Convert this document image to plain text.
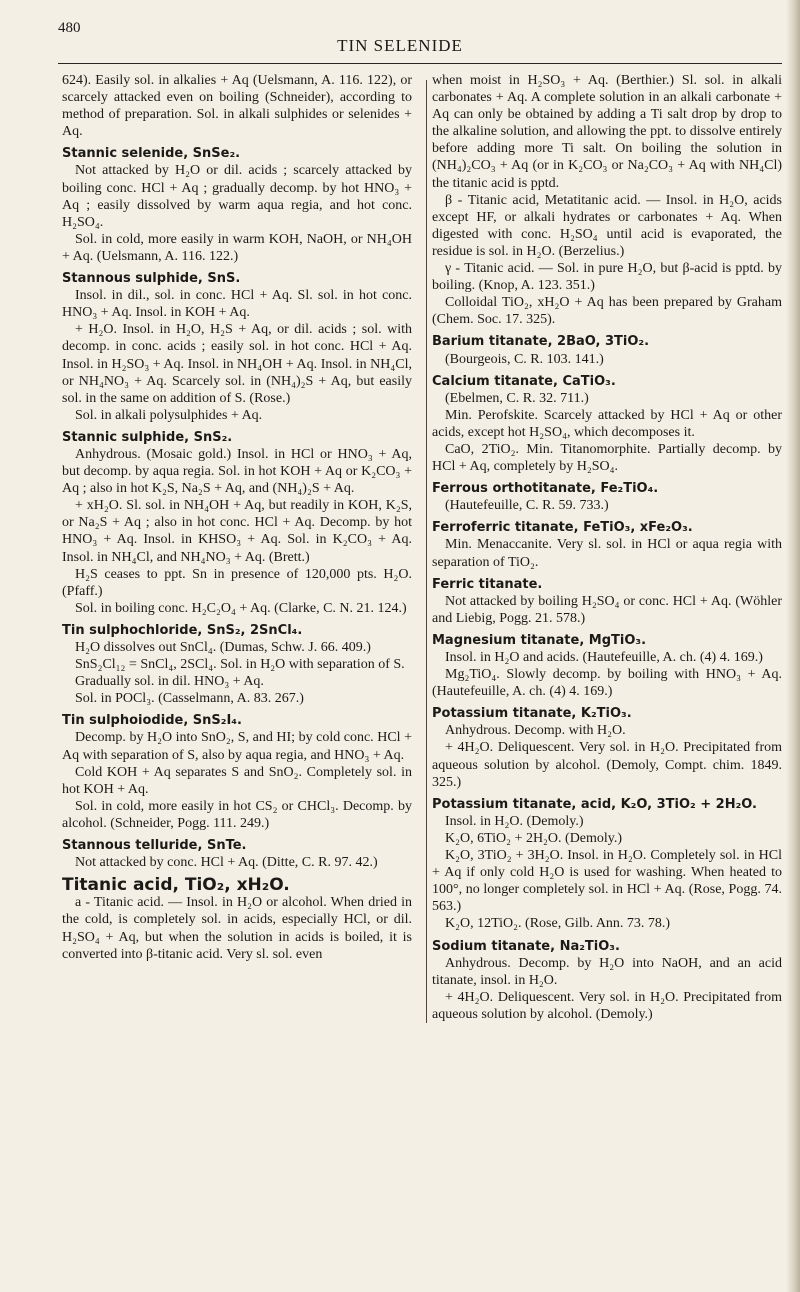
480
TIN SELENIDE

624). Easily sol. in alkalies + Aq (Uelsmann, A. 116. 122), or scarcely attacked even on boiling (Schneider), according to method of preparation. Sol. in alkali sulphides or selenides + Aq.

Stannic selenide, SnSe₂.

Not attacked by H₂O or dil. acids ; scarcely attacked by boiling conc. HCl + Aq ; gradually decomp. by hot HNO₃ + Aq ; easily dissolved by warm aqua regia, and hot conc. H₂SO₄.

Sol. in cold, more easily in warm KOH, NaOH, or NH₄OH + Aq. (Uelsmann, A. 116. 122.)

Stannous sulphide, SnS.

Insol. in dil., sol. in conc. HCl + Aq. Sl. sol. in hot conc. HNO₃ + Aq. Insol. in KOH + Aq.

+ H₂O. Insol. in H₂O, H₂S + Aq, or dil. acids ; sol. with decomp. in conc. acids ; easily sol. in hot conc. HCl + Aq. Insol. in H₂SO₃ + Aq. Insol. in NH₄OH + Aq. Insol. in NH₄Cl, or NH₄NO₃ + Aq. Scarcely sol. in (NH₄)₂S + Aq, but easily sol. in the same on addition of S. (Rose.)

Sol. in alkali polysulphides + Aq.

Stannic sulphide, SnS₂.

Anhydrous. (Mosaic gold.) Insol. in HCl or HNO₃ + Aq, but decomp. by aqua regia. Sol. in hot KOH + Aq or K₂CO₃ + Aq ; also in hot K₂S, Na₂S + Aq, and (NH₄)₂S + Aq.

+ xH₂O. Sl. sol. in NH₄OH + Aq, but readily in KOH, K₂S, or Na₂S + Aq ; also in hot conc. HCl + Aq. Decomp. by hot HNO₃ + Aq. Insol. in KHSO₃ + Aq. Sol. in K₂CO₃ + Aq. Insol. in NH₄Cl, and NH₄NO₃ + Aq. (Brett.)

H₂S ceases to ppt. Sn in presence of 120,000 pts. H₂O. (Pfaff.)

Sol. in boiling conc. H₂C₂O₄ + Aq. (Clarke, C. N. 21. 124.)

Tin sulphochloride, SnS₂, 2SnCl₄.

H₂O dissolves out SnCl₄. (Dumas, Schw. J. 66. 409.)

SnS₂Cl₁₂ = SnCl₄, 2SCl₄. Sol. in H₂O with separation of S.

Gradually sol. in dil. HNO₃ + Aq.

Sol. in POCl₃. (Casselmann, A. 83. 267.)

Tin sulphoiodide, SnS₂I₄.

Decomp. by H₂O into SnO₂, S, and HI; by cold conc. HCl + Aq with separation of S, also by aqua regia, and HNO₃ + Aq.

Cold KOH + Aq separates S and SnO₂. Completely sol. in hot KOH + Aq.

Sol. in cold, more easily in hot CS₂ or CHCl₃. Decomp. by alcohol. (Schneider, Pogg. 111. 249.)

Stannous telluride, SnTe.

Not attacked by conc. HCl + Aq. (Ditte, C. R. 97. 42.)

Titanic acid, TiO₂, xH₂O.

a - Titanic acid. — Insol. in H₂O or alcohol. When dried in the cold, is completely sol. in acids, especially HCl, or dil. H₂SO₄ + Aq, but when the solution in acids is boiled, it is converted into β-titanic acid. Very sl. sol. even

when moist in H₂SO₃ + Aq. (Berthier.) Sl. sol. in alkali carbonates + Aq. A complete solution in an alkali carbonate + Aq can only be obtained by adding a Ti salt drop by drop to the alkaline solution, and allowing the ppt. to dissolve entirely before adding more Ti salt. On boiling the solution in (NH₄)₂CO₃ + Aq (or in K₂CO₃ or Na₂CO₃ + Aq with NH₄Cl) the titanic acid is pptd.

β - Titanic acid, Metatitanic acid. — Insol. in H₂O, acids except HF, or alkali hydrates or carbonates + Aq. When digested with conc. H₂SO₄ until acid is evaporated, the residue is sol. in H₂O. (Berzelius.)

γ - Titanic acid. — Sol. in pure H₂O, but β-acid is pptd. by boiling. (Knop, A. 123. 351.)

Colloidal TiO₂, xH₂O + Aq has been prepared by Graham (Chem. Soc. 17. 325).

Barium titanate, 2BaO, 3TiO₂.

(Bourgeois, C. R. 103. 141.)

Calcium titanate, CaTiO₃.

(Ebelmen, C. R. 32. 711.)

Min. Perofskite. Scarcely attacked by HCl + Aq or other acids, except hot H₂SO₄, which decomposes it.

CaO, 2TiO₂. Min. Titanomorphite. Partially decomp. by HCl + Aq, completely by H₂SO₄.

Ferrous orthotitanate, Fe₂TiO₄.

(Hautefeuille, C. R. 59. 733.)

Ferroferric titanate, FeTiO₃, xFe₂O₃.

Min. Menaccanite. Very sl. sol. in HCl or aqua regia with separation of TiO₂.

Ferric titanate.

Not attacked by boiling H₂SO₄ or conc. HCl + Aq. (Wöhler and Liebig, Pogg. 21. 578.)

Magnesium titanate, MgTiO₃.

Insol. in H₂O and acids. (Hautefeuille, A. ch. (4) 4. 169.)

Mg₂TiO₄. Slowly decomp. by boiling with HNO₃ + Aq. (Hautefeuille, A. ch. (4) 4. 169.)

Potassium titanate, K₂TiO₃.

Anhydrous. Decomp. with H₂O.

+ 4H₂O. Deliquescent. Very sol. in H₂O. Precipitated from aqueous solution by alcohol. (Demoly, Compt. chim. 1849. 325.)

Potassium titanate, acid, K₂O, 3TiO₂ + 2H₂O.

Insol. in H₂O. (Demoly.)

K₂O, 6TiO₂ + 2H₂O. (Demoly.)

K₂O, 3TiO₂ + 3H₂O. Insol. in H₂O. Completely sol. in HCl + Aq if only cold H₂O is used for washing. When heated to 100°, no longer completely sol. in HCl + Aq. (Rose, Pogg. 74. 563.)

K₂O, 12TiO₂. (Rose, Gilb. Ann. 73. 78.)

Sodium titanate, Na₂TiO₃.

Anhydrous. Decomp. by H₂O into NaOH, and an acid titanate, insol. in H₂O.

+ 4H₂O. Deliquescent. Very sol. in H₂O. Precipitated from aqueous solution by alcohol. (Demoly.)
